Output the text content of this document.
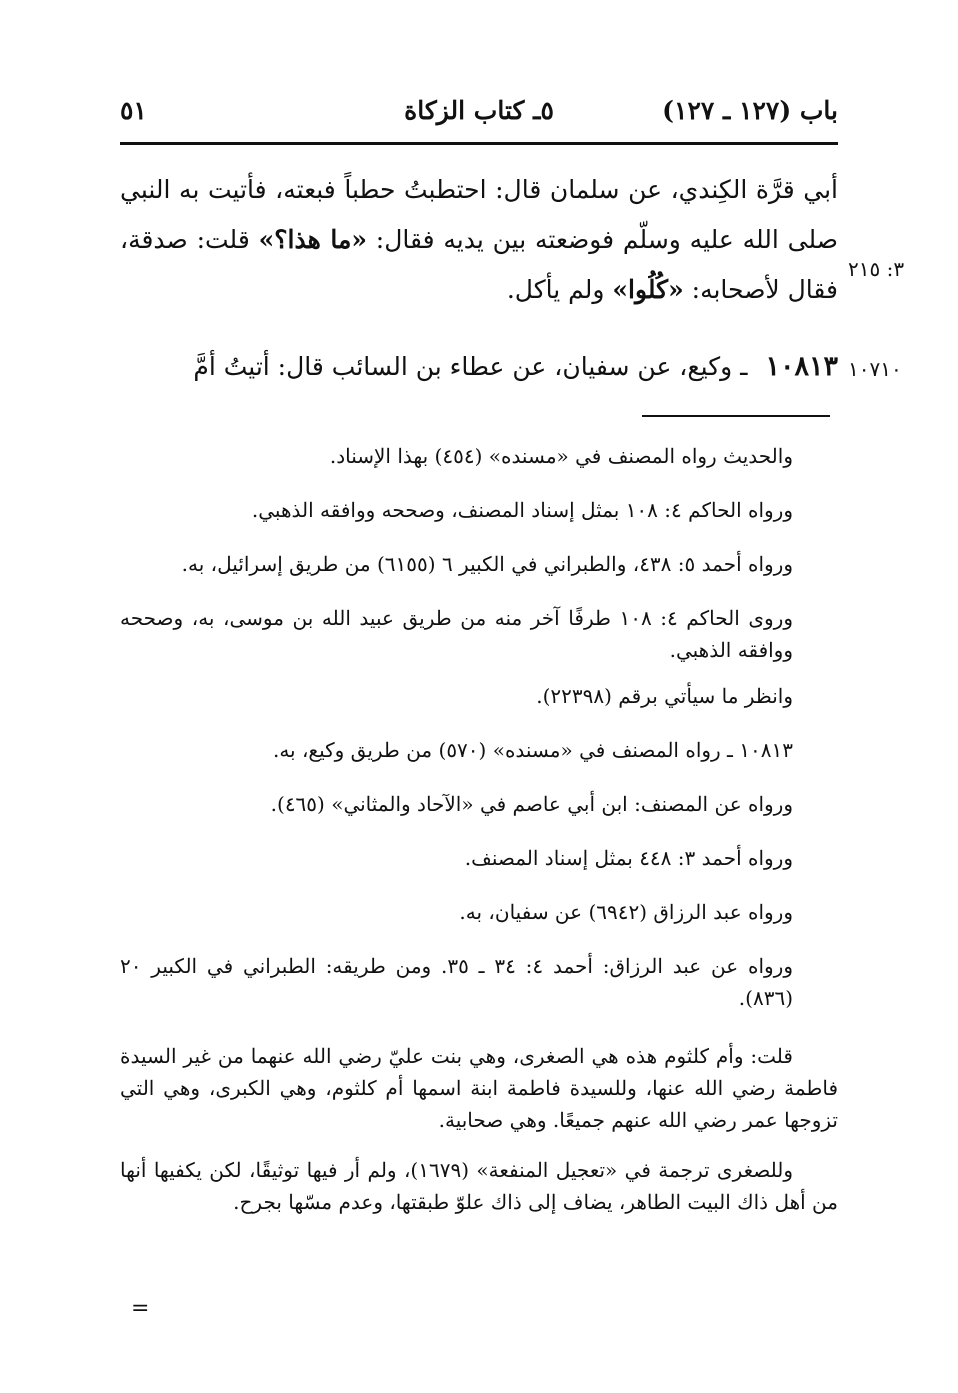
باب (١٢٧ ـ ١٢٧)
٥ـ كتاب الزكاة
٥١
٣: ٢١٥
١٠٧١٠

أبي قرَّة الكِندي، عن سلمان قال: احتطبتُ حطباً فبعته، فأتيت به النبي صلى الله عليه وسلّم فوضعته بين يديه فقال: «ما هذا؟» قلت: صدقة، فقال لأصحابه: «كُلُوا» ولم يأكل.

١٠٨١٣ـ وكيع، عن سفيان، عن عطاء بن السائب قال: أتيتُ أمَّ

والحديث رواه المصنف في «مسنده» (٤٥٤) بهذا الإسناد.

ورواه الحاكم ٤: ١٠٨ بمثل إسناد المصنف، وصححه ووافقه الذهبي.

ورواه أحمد ٥: ٤٣٨، والطبراني في الكبير ٦ (٦١٥٥) من طريق إسرائيل، به.

وروى الحاكم ٤: ١٠٨ طرفًا آخر منه من طريق عبيد الله بن موسى، به، وصححه ووافقه الذهبي.

وانظر ما سيأتي برقم (٢٢٣٩٨).

١٠٨١٣ ـ رواه المصنف في «مسنده» (٥٧٠) من طريق وكيع، به.

ورواه عن المصنف: ابن أبي عاصم في «الآحاد والمثاني» (٤٦٥).

ورواه أحمد ٣: ٤٤٨ بمثل إسناد المصنف.

ورواه عبد الرزاق (٦٩٤٢) عن سفيان، به.

ورواه عن عبد الرزاق: أحمد ٤: ٣٤ ـ ٣٥. ومن طريقه: الطبراني في الكبير ٢٠ (٨٣٦).

قلت: وأم كلثوم هذه هي الصغرى، وهي بنت عليّ رضي الله عنهما من غير السيدة فاطمة رضي الله عنها، وللسيدة فاطمة ابنة اسمها أم كلثوم، وهي الكبرى، وهي التي تزوجها عمر رضي الله عنهم جميعًا. وهي صحابية.

وللصغرى ترجمة في «تعجيل المنفعة» (١٦٧٩)، ولم أر فيها توثيقًا، لكن يكفيها أنها من أهل ذاك البيت الطاهر، يضاف إلى ذاك علوّ طبقتها، وعدم مسّها بجرح.

=
